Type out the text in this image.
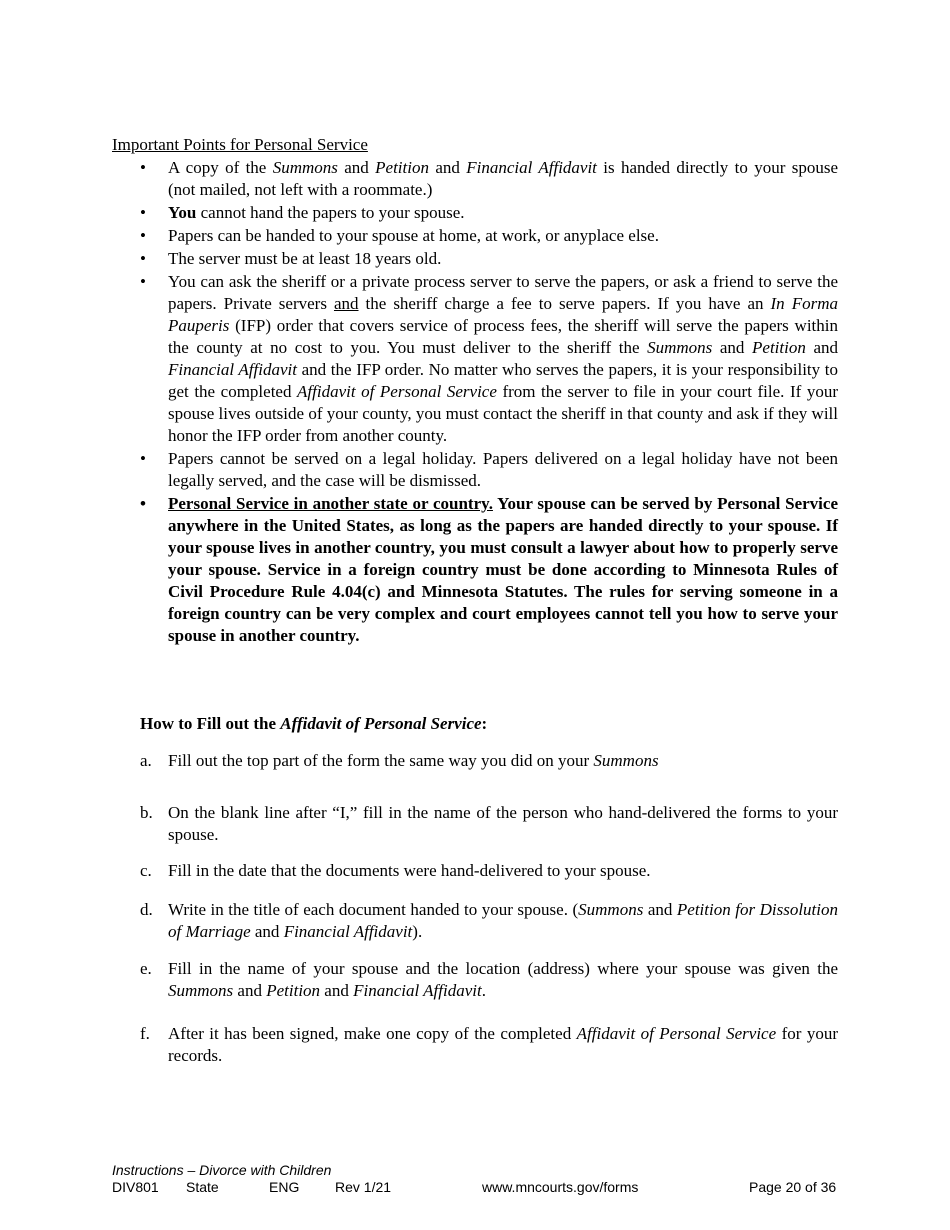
Important Points for Personal Service

• A copy of the Summons and Petition and Financial Affidavit is handed directly to your spouse (not mailed, not left with a roommate.)
• You cannot hand the papers to your spouse.
• Papers can be handed to your spouse at home, at work, or anyplace else.
• The server must be at least 18 years old.
• You can ask the sheriff or a private process server to serve the papers, or ask a friend to serve the papers. Private servers and the sheriff charge a fee to serve papers. If you have an In Forma Pauperis (IFP) order that covers service of process fees, the sheriff will serve the papers within the county at no cost to you. You must deliver to the sheriff the Summons and Petition and Financial Affidavit and the IFP order. No matter who serves the papers, it is your responsibility to get the completed Affidavit of Personal Service from the server to file in your court file. If your spouse lives outside of your county, you must contact the sheriff in that county and ask if they will honor the IFP order from another county.
• Papers cannot be served on a legal holiday. Papers delivered on a legal holiday have not been legally served, and the case will be dismissed.
• Personal Service in another state or country. Your spouse can be served by Personal Service anywhere in the United States, as long as the papers are handed directly to your spouse. If your spouse lives in another country, you must consult a lawyer about how to properly serve your spouse. Service in a foreign country must be done according to Minnesota Rules of Civil Procedure Rule 4.04(c) and Minnesota Statutes. The rules for serving someone in a foreign country can be very complex and court employees cannot tell you how to serve your spouse in another country.

How to Fill out the Affidavit of Personal Service:

a. Fill out the top part of the form the same way you did on your Summons
b. On the blank line after “I,” fill in the name of the person who hand-delivered the forms to your spouse.
c. Fill in the date that the documents were hand-delivered to your spouse.
d. Write in the title of each document handed to your spouse. (Summons and Petition for Dissolution of Marriage and Financial Affidavit).
e. Fill in the name of your spouse and the location (address) where your spouse was given the Summons and Petition and Financial Affidavit.
f.	After it has been signed, make one copy of the completed Affidavit of Personal Service for your records.
Instructions – Divorce with Children
DIV801 State	ENG	Rev 1/21	www.mncourts.gov/forms	Page 20 of 36
